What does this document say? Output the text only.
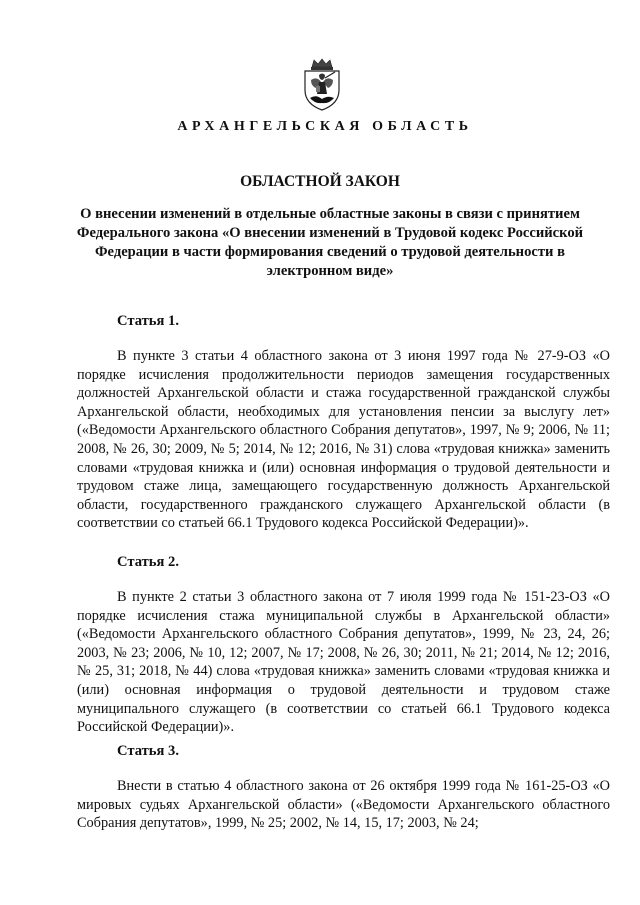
АРХАНГЕЛЬСКАЯ ОБЛАСТЬ
ОБЛАСТНОЙ ЗАКОН
О внесении изменений в отдельные областные законы в связи с принятием Федерального закона «О внесении изменений в Трудовой кодекс Российской Федерации в части формирования сведений о трудовой деятельности в электронном виде»
Статья 1.
В пункте 3 статьи 4 областного закона от 3 июня 1997 года № 27-9-ОЗ «О порядке исчисления продолжительности периодов замещения государственных должностей Архангельской области и стажа государственной гражданской службы Архангельской области, необходимых для установления пенсии за выслугу лет» («Ведомости Архангельского областного Собрания депутатов», 1997, № 9; 2006, № 11; 2008, № 26, 30; 2009, № 5; 2014, № 12; 2016, № 31) слова «трудовая книжка» заменить словами «трудовая книжка и (или) основная информация о трудовой деятельности и трудовом стаже лица, замещающего государственную должность Архангельской области, государственного гражданского служащего Архангельской области (в соответствии со статьей 66.1 Трудового кодекса Российской Федерации)».
Статья 2.
В пункте 2 статьи 3 областного закона от 7 июля 1999 года № 151-23-ОЗ «О порядке исчисления стажа муниципальной службы в Архангельской области» («Ведомости Архангельского областного Собрания депутатов», 1999, № 23, 24, 26; 2003, № 23; 2006, № 10, 12; 2007, № 17; 2008, № 26, 30; 2011, № 21; 2014, № 12; 2016, № 25, 31; 2018, № 44) слова «трудовая книжка» заменить словами «трудовая книжка и (или) основная информация о трудовой деятельности и трудовом стаже муниципального служащего (в соответствии со статьей 66.1 Трудового кодекса Российской Федерации)».
Статья 3.
Внести в статью 4 областного закона от 26 октября 1999 года № 161-25-ОЗ «О мировых судьях Архангельской области» («Ведомости Архангельского областного Собрания депутатов», 1999, № 25; 2002, № 14, 15, 17; 2003, № 24;
